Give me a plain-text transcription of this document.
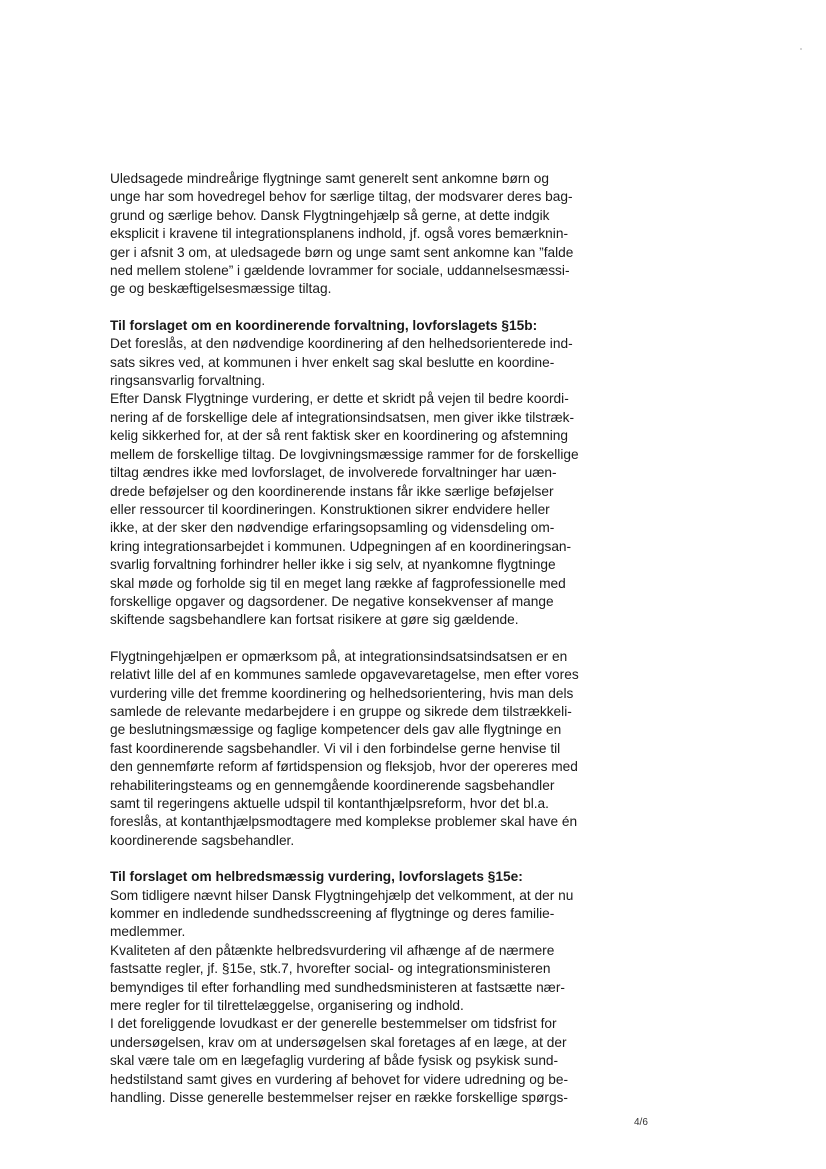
Uledsagede mindreårige flygtninge samt generelt sent ankomne børn og
unge har som hovedregel behov for særlige tiltag, der modsvarer deres bag-
grund og særlige behov. Dansk Flygtningehjælp så gerne, at dette indgik
eksplicit i kravene til integrationsplanens indhold, jf. også vores bemærknin-
ger i afsnit 3 om, at uledsagede børn og unge samt sent ankomne kan ”falde
ned mellem stolene” i gældende lovrammer for sociale, uddannelsesmæssi-
ge og beskæftigelsesmæssige tiltag.
Til forslaget om en koordinerende forvaltning, lovforslagets §15b:
Det foreslås, at den nødvendige koordinering af den helhedsorienterede ind-
sats sikres ved, at kommunen i hver enkelt sag skal beslutte en koordine-
ringsansvarlig forvaltning.
Efter Dansk Flygtninge vurdering, er dette et skridt på vejen til bedre koordi-
nering af de forskellige dele af integrationsindsatsen, men giver ikke tilstræk-
kelig sikkerhed for, at der så rent faktisk sker en koordinering og afstemning
mellem de forskellige tiltag. De lovgivningsmæssige rammer for de forskellige
tiltag ændres ikke med lovforslaget, de involverede forvaltninger har uæn-
drede beføjelser og den koordinerende instans får ikke særlige beføjelser
eller ressourcer til koordineringen. Konstruktionen sikrer endvidere heller
ikke, at der sker den nødvendige erfaringsopsamling og vidensdeling om-
kring integrationsarbejdet i kommunen. Udpegningen af en koordineringsan-
svarlig forvaltning forhindrer heller ikke i sig selv, at nyankomne flygtninge
skal møde og forholde sig til en meget lang række af fagprofessionelle med
forskellige opgaver og dagsordener. De negative konsekvenser af mange
skiftende sagsbehandlere kan fortsat risikere at gøre sig gældende.
Flygtningehjælpen er opmærksom på, at integrationsindsatsindsatsen er en
relativt lille del af en kommunes samlede opgavevaretagelse, men efter vores
vurdering ville det fremme koordinering og helhedsorientering, hvis man dels
samlede de relevante medarbejdere i en gruppe og sikrede dem tilstrækkeli-
ge beslutningsmæssige og faglige kompetencer dels gav alle flygtninge en
fast koordinerende sagsbehandler. Vi vil i den forbindelse gerne henvise til
den gennemførte reform af førtidspension og fleksjob, hvor der opereres med
rehabiliteringsteams og en gennemgående koordinerende sagsbehandler
samt til regeringens aktuelle udspil til kontanthjælpsreform, hvor det bl.a.
foreslås, at kontanthjælpsmodtagere med komplekse problemer skal have én
koordinerende sagsbehandler.
Til forslaget om helbredsmæssig vurdering, lovforslagets §15e:
Som tidligere nævnt hilser Dansk Flygtningehjælp det velkomment, at der nu
kommer en indledende sundhedsscreening af flygtninge og deres familie-
medlemmer.
Kvaliteten af den påtænkte helbredsvurdering vil afhænge af de nærmere
fastsatte regler, jf. §15e, stk.7, hvorefter social- og integrationsministeren
bemyndiges til efter forhandling med sundhedsministeren at fastsætte nær-
mere regler for til tilrettelæggelse, organisering og indhold.
I det foreliggende lovudkast er der generelle bestemmelser om tidsfrist for
undersøgelsen, krav om at undersøgelsen skal foretages af en læge, at der
skal være tale om en lægefaglig vurdering af både fysisk og psykisk sund-
hedstilstand samt gives en vurdering af behovet for videre udredning og be-
handling. Disse generelle bestemmelser rejser en række forskellige spørgs-
4/6
